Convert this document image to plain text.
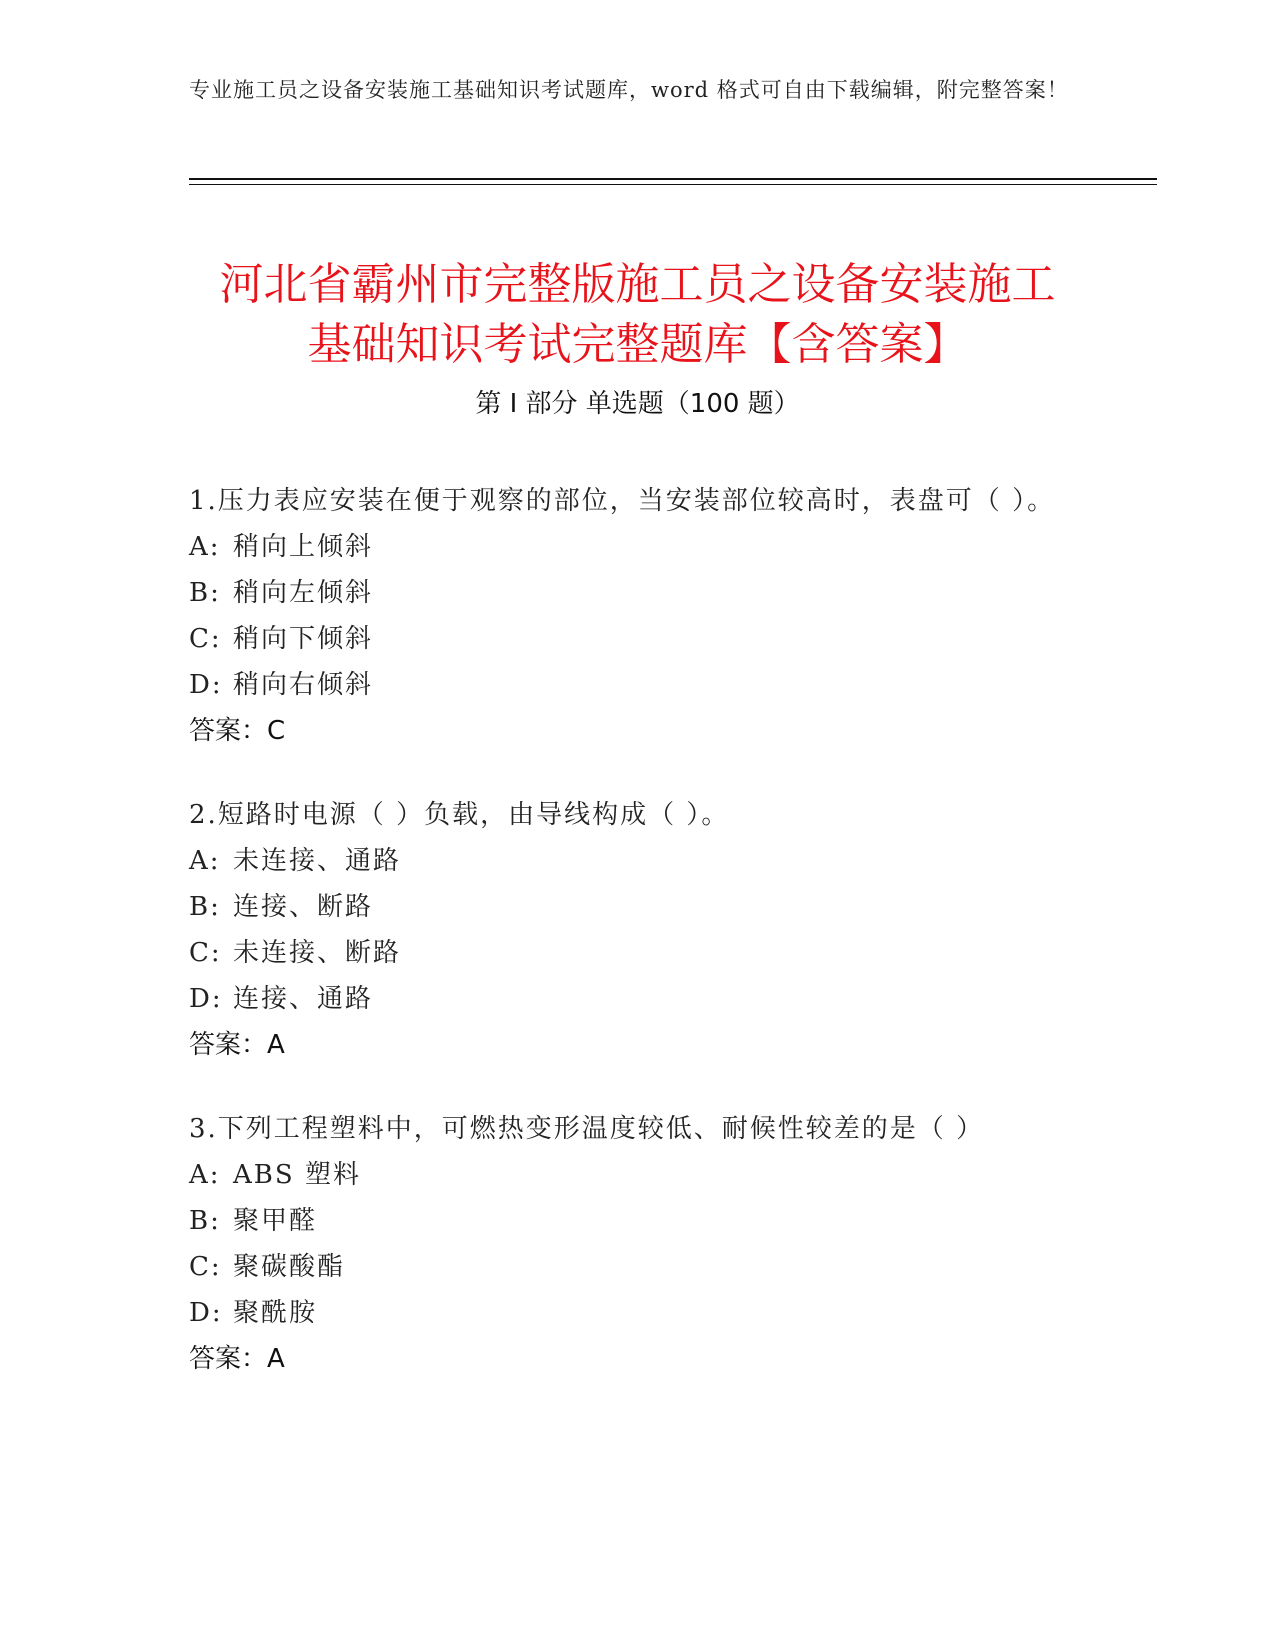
专业施工员之设备安装施工基础知识考试题库，word 格式可自由下载编辑，附完整答案！
河北省霸州市完整版施工员之设备安装施工
基础知识考试完整题库【含答案】
第 I 部分 单选题（100 题）
1.压力表应安装在便于观察的部位，当安装部位较高时，表盘可（ ）。
A: 稍向上倾斜
B: 稍向左倾斜
C: 稍向下倾斜
D: 稍向右倾斜
答案：C
2.短路时电源（ ）负载，由导线构成（ ）。
A: 未连接、通路
B: 连接、断路
C: 未连接、断路
D: 连接、通路
答案：A
3.下列工程塑料中，可燃热变形温度较低、耐候性较差的是（ ）
A: ABS 塑料
B: 聚甲醛
C: 聚碳酸酯
D: 聚酰胺
答案：A
